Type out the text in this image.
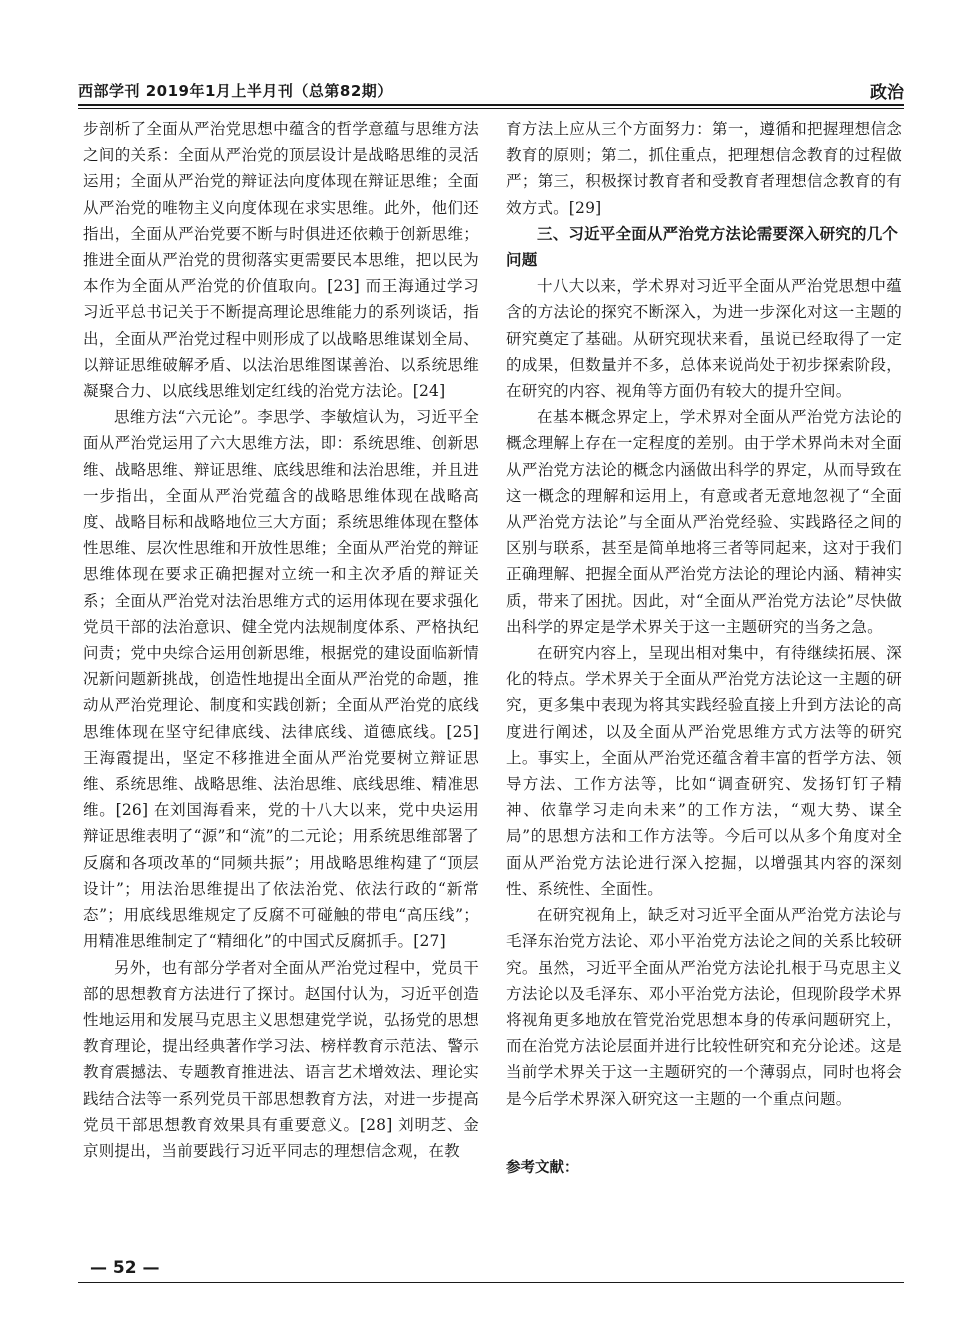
西部学刊 2019年1月上半月刊（总第82期）	政治

步剖析了全面从严治党思想中蕴含的哲学意蕴与思维方法之间的关系：全面从严治党的顶层设计是战略思维的灵活运用；全面从严治党的辩证法向度体现在辩证思维；全面从严治党的唯物主义向度体现在求实思维。此外，他们还指出，全面从严治党要不断与时俱进还依赖于创新思维；推进全面从严治党的贯彻落实更需要民本思维，把以民为本作为全面从严治党的价值取向。[23] 而王海通过学习习近平总书记关于不断提高理论思维能力的系列谈话，指出，全面从严治党过程中则形成了以战略思维谋划全局、以辩证思维破解矛盾、以法治思维图谋善治、以系统思维凝聚合力、以底线思维划定红线的治党方法论。[24]

思维方法“六元论”。李思学、李敏煊认为，习近平全面从严治党运用了六大思维方法，即：系统思维、创新思维、战略思维、辩证思维、底线思维和法治思维，并且进一步指出，全面从严治党蕴含的战略思维体现在战略高度、战略目标和战略地位三大方面；系统思维体现在整体性思维、层次性思维和开放性思维；全面从严治党的辩证思维体现在要求正确把握对立统一和主次矛盾的辩证关系；全面从严治党对法治思维方式的运用体现在要求强化党员干部的法治意识、健全党内法规制度体系、严格执纪问责；党中央综合运用创新思维，根据党的建设面临新情况新问题新挑战，创造性地提出全面从严治党的命题，推动从严治党理论、制度和实践创新；全面从严治党的底线思维体现在坚守纪律底线、法律底线、道德底线。[25] 王海霞提出，坚定不移推进全面从严治党要树立辩证思维、系统思维、战略思维、法治思维、底线思维、精准思维。[26] 在刘国海看来，党的十八大以来，党中央运用辩证思维表明了“源”和“流”的二元论；用系统思维部署了反腐和各项改革的“同频共振”；用战略思维构建了“顶层设计”；用法治思维提出了依法治党、依法行政的“新常态”；用底线思维规定了反腐不可碰触的带电“高压线”；用精准思维制定了“精细化”的中国式反腐抓手。[27]

另外，也有部分学者对全面从严治党过程中，党员干部的思想教育方法进行了探讨。赵国付认为，习近平创造性地运用和发展马克思主义思想建党学说，弘扬党的思想教育理论，提出经典著作学习法、榜样教育示范法、警示教育震撼法、专题教育推进法、语言艺术增效法、理论实践结合法等一系列党员干部思想教育方法，对进一步提高党员干部思想教育效果具有重要意义。[28] 刘明芝、金京则提出，当前要践行习近平同志的理想信念观，在教

育方法上应从三个方面努力：第一，遵循和把握理想信念教育的原则；第二，抓住重点，把理想信念教育的过程做严；第三，积极探讨教育者和受教育者理想信念教育的有效方式。[29]

三、习近平全面从严治党方法论需要深入研究的几个问题

十八大以来，学术界对习近平全面从严治党思想中蕴含的方法论的探究不断深入，为进一步深化对这一主题的研究奠定了基础。从研究现状来看，虽说已经取得了一定的成果，但数量并不多，总体来说尚处于初步探索阶段，在研究的内容、视角等方面仍有较大的提升空间。

在基本概念界定上，学术界对全面从严治党方法论的概念理解上存在一定程度的差别。由于学术界尚未对全面从严治党方法论的概念内涵做出科学的界定，从而导致在这一概念的理解和运用上，有意或者无意地忽视了“全面从严治党方法论”与全面从严治党经验、实践路径之间的区别与联系，甚至是简单地将三者等同起来，这对于我们正确理解、把握全面从严治党方法论的理论内涵、精神实质，带来了困扰。因此，对“全面从严治党方法论”尽快做出科学的界定是学术界关于这一主题研究的当务之急。

在研究内容上，呈现出相对集中，有待继续拓展、深化的特点。学术界关于全面从严治党方法论这一主题的研究，更多集中表现为将其实践经验直接上升到方法论的高度进行阐述，以及全面从严治党思维方式方法等的研究上。事实上，全面从严治党还蕴含着丰富的哲学方法、领导方法、工作方法等，比如“调查研究、发扬钉钉子精神、依靠学习走向未来”的工作方法，“观大势、谋全局”的思想方法和工作方法等。今后可以从多个角度对全面从严治党方法论进行深入挖掘，以增强其内容的深刻性、系统性、全面性。

在研究视角上，缺乏对习近平全面从严治党方法论与毛泽东治党方法论、邓小平治党方法论之间的关系比较研究。虽然，习近平全面从严治党方法论扎根于马克思主义方法论以及毛泽东、邓小平治党方法论，但现阶段学术界将视角更多地放在管党治党思想本身的传承问题研究上，而在治党方法论层面并进行比较性研究和充分论述。这是当前学术界关于这一主题研究的一个薄弱点，同时也将会是今后学术界深入研究这一主题的一个重点问题。

参考文献：
— 52 —
